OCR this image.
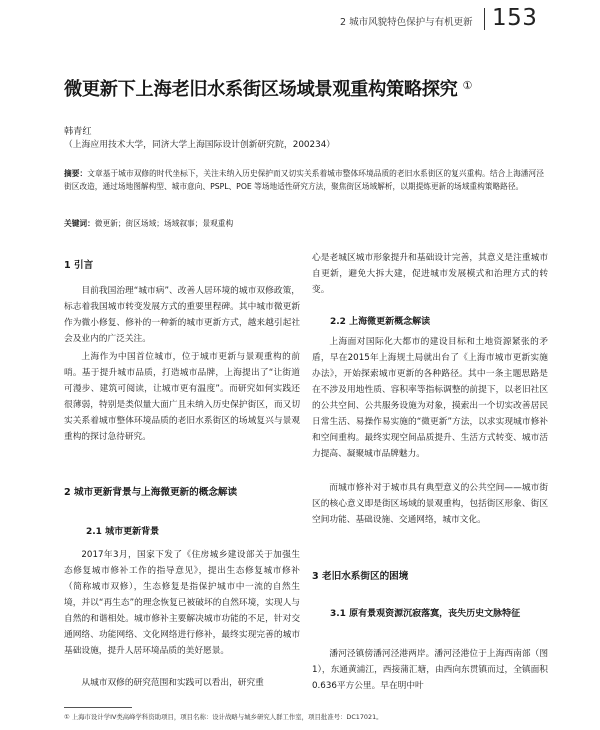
2 城市风貌特色保护与有机更新 153
微更新下上海老旧水系街区场域景观重构策略探究 ①
韩青红
（上海应用技术大学，同济大学上海国际设计创新研究院，200234）
摘要：文章基于城市双修的时代坐标下，关注未纳入历史保护而又切实关系着城市整体环境品质的老旧水系街区的复兴重构。结合上海潘河泾街区改造，通过场地图解构型、城市意向、PSPL、POE 等场地适性研究方法，聚焦街区场域解析，以期提炼更新的场域重构策略路径。
关键词：微更新；街区场域；场域叙事；景观重构
1 引言
目前我国治理“城市病”、改善人居环境的城市双修政策，标志着我国城市转变发展方式的重要里程碑。其中城市微更新作为微小修复、修补的一种新的城市更新方式，越来越引起社会及业内的广泛关注。
上海作为中国首位城市，位于城市更新与景观重构的前哨。基于提升城市品质，打造城市品牌，上海提出了“让街道可漫步、建筑可阅读，让城市更有温度”。而研究如何实践还很薄弱，特别是类似量大面广且未纳入历史保护街区，而又切实关系着城市整体环境品质的老旧水系街区的场域复兴与景观重构的探讨急待研究。
2 城市更新背景与上海微更新的概念解读
2.1 城市更新背景
2017年3月，国家下发了《住房城乡建设部关于加强生态修复城市修补工作的指导意见》，提出生态修复城市修补（简称城市双修），生态修复是指保护城市中一流的自然生境，并以“再生态”的理念恢复已被破坏的自然环境，实现人与自然的和谐相处。城市修补主要解决城市功能的不足，针对交通网络、功能网络、文化网络进行修补，最终实现完善的城市基础设施，提升人居环境品质的美好愿景。
从城市双修的研究范围和实践可以看出，研究重
心是老城区城市形象提升和基础设计完善，其意义是注重城市自更新，避免大拆大建，促进城市发展模式和治理方式的转变。
2.2 上海微更新概念解读
上海面对国际化大都市的建设目标和土地资源紧张的矛盾，早在2015年上海规土局就出台了《上海市城市更新实施办法》，开始探索城市更新的各种路径。其中一条主题思路是在不涉及用地性质、容积率等指标调整的前提下，以老旧社区的公共空间、公共服务设施为对象，摸索出一个切实改善居民日常生活、易操作易实施的“微更新”方法，以求实现城市修补和空间重构。最终实现空间品质提升、生活方式转变、城市活力提高、凝聚城市品牌魅力。
而城市修补对于城市具有典型意义的公共空间——城市街区的核心意义即是街区场域的景观重构，包括街区形象、街区空间功能、基础设施、交通网络，城市文化。
3 老旧水系街区的困境
3.1 原有景观资源沉寂落寞，丧失历史文脉特征
潘河泾镇傍潘河泾港两岸。潘河泾港位于上海西南部（图1），东通黄浦江，西接蒲汇塘，由西向东贯镇而过，全镇面积0.636平方公里。早在明中叶
① 上海市设计学IV类高峰学科资助项目，项目名称：设计战略与城乡研究人群工作室，项目批准号：DC17021。
